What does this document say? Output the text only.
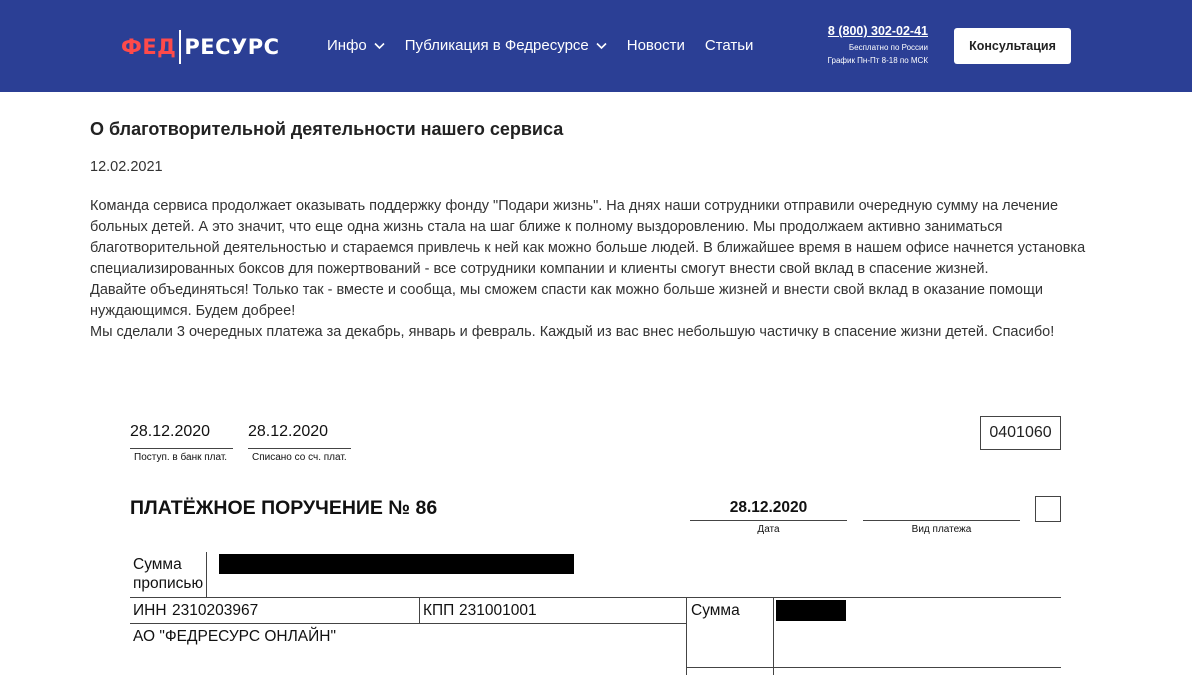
ФЕД РЕСУРС	Инфо	Публикация в Федресурсе	Новости Статьи
8 (800) 302-02-41
Бесплатно по России
График Пн-Пт 8-18 по МСК
Консультация
О благотворительной деятельности нашего сервиса
12.02.2021

Команда сервиса продолжает оказывать поддержку фонду "Подари жизнь". На днях наши сотрудники отправили очередную сумму на лечение

больных детей. А это значит, что еще одна жизнь стала на шаг ближе к полному выздоровлению. Мы продолжаем активно заниматься

благотворительной деятельностью и стараемся привлечь к ней как можно больше людей. В ближайшее время в нашем офисе начнется установка

специализированных боксов для пожертвований - все сотрудники компании и клиенты смогут внести свой вклад в спасение жизней.

Давайте объединяться! Только так - вместе и сообща, мы сможем спасти как можно больше жизней и внести свой вклад в оказание помощи

нуждающимся. Будем добрее!

Мы сделали 3 очередных платежа за декабрь, январь и февраль. Каждый из вас внес небольшую частичку в спасение жизни детей. Спасибо!

28.12.2020
Поступ. в банк плат.
28.12.2020
Списано со сч. плат.
0401060
ПЛАТЁЖНОЕ ПОРУЧЕНИЕ № 86	28.12.2020
Дата	Вид платежа
Сумма
прописью
ИНН 2310203967	КПП 231001001	Сумма
АО "ФЕДРЕСУРС ОНЛАЙН"
